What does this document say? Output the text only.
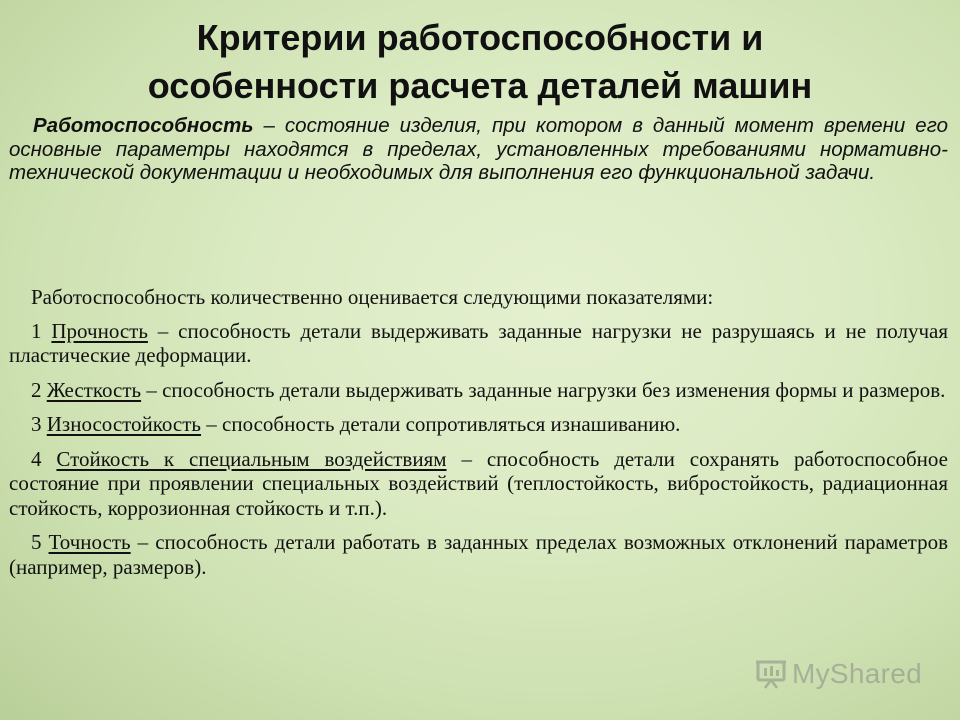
Критерии работоспособности и
особенности расчета деталей машин
Работоспособность – состояние изделия, при котором в данный момент времени его основные параметры находятся в пределах, установленных требованиями нормативно-технической документации и необходимых для выполнения его функциональной задачи.

Работоспособность количественно оценивается следующими показателями:

1 Прочность – способность детали выдерживать заданные нагрузки не разрушаясь и не получая пластические деформации.

2 Жесткость – способность детали выдерживать заданные нагрузки без изменения формы и размеров.

3 Износостойкость – способность детали сопротивляться изнашиванию.

4 Стойкость к специальным воздействиям – способность детали сохранять работоспособное состояние при проявлении специальных воздействий (теплостойкость, вибростойкость, радиационная стойкость, коррозионная стойкость и т.п.).

5 Точность – способность детали работать в заданных пределах возможных отклонений параметров (например, размеров).

MyShared
